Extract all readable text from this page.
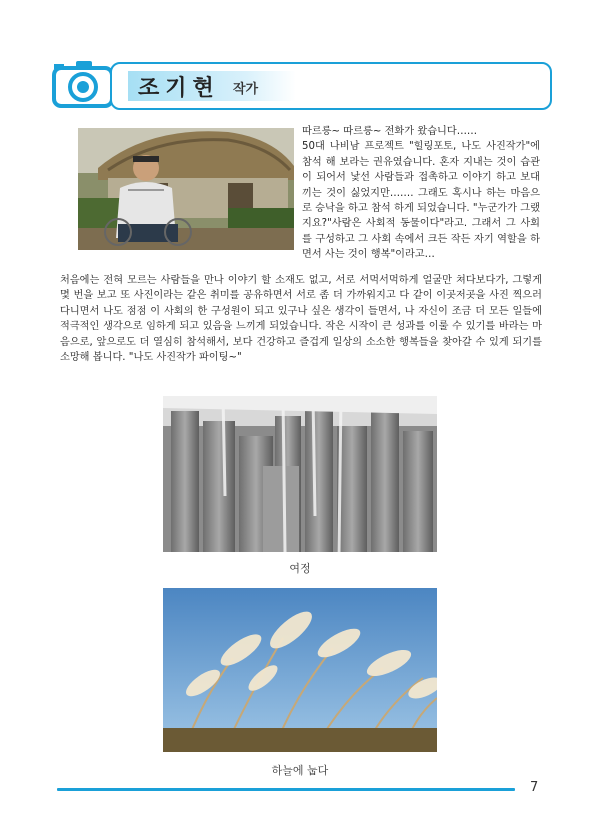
조기현 작가

따르릉~ 따르릉~ 전화가 왔습니다……

50대 나비남 프로젝트 "힐링포토, 나도 사진작가"에 참석 해 보라는 권유였습니다. 혼자 지내는 것이 습관이 되어서 낯선 사람들과 접촉하고 이야기 하고 보대끼는 것이 싫었지만……. 그래도 혹시나 하는 마음으로 승낙을 하고 참석 하게 되었습니다. "누군가가 그랬지요?"사람은 사회적 동물이다"라고. 그래서 그 사회를 구성하고 그 사회 속에서 크든 작든 자기 역할을 하면서 사는 것이 행복"이라고…

처음에는 전혀 모르는 사람들을 만나 이야기 할 소재도 없고, 서로 서먹서먹하게 얼굴만 쳐다보다가, 그렇게 몇 번을 보고 또 사진이라는 같은 취미를 공유하면서 서로 좀 더 가까워지고 다 같이 이곳저곳을 사진 찍으러 다니면서 나도 점점 이 사회의 한 구성원이 되고 있구나 싶은 생각이 들면서, 나 자신이 조금 더 모든 일들에 적극적인 생각으로 임하게 되고 있음을 느끼게 되었습니다. 작은 시작이 큰 성과를 이룰 수 있기를 바라는 마음으로, 앞으로도 더 열심히 참석해서, 보다 건강하고 즐겁게 일상의 소소한 행복들을 찾아갈 수 있게 되기를 소망해 봅니다. "나도 사진작가 파이팅~"
여정
하늘에 눕다
7
